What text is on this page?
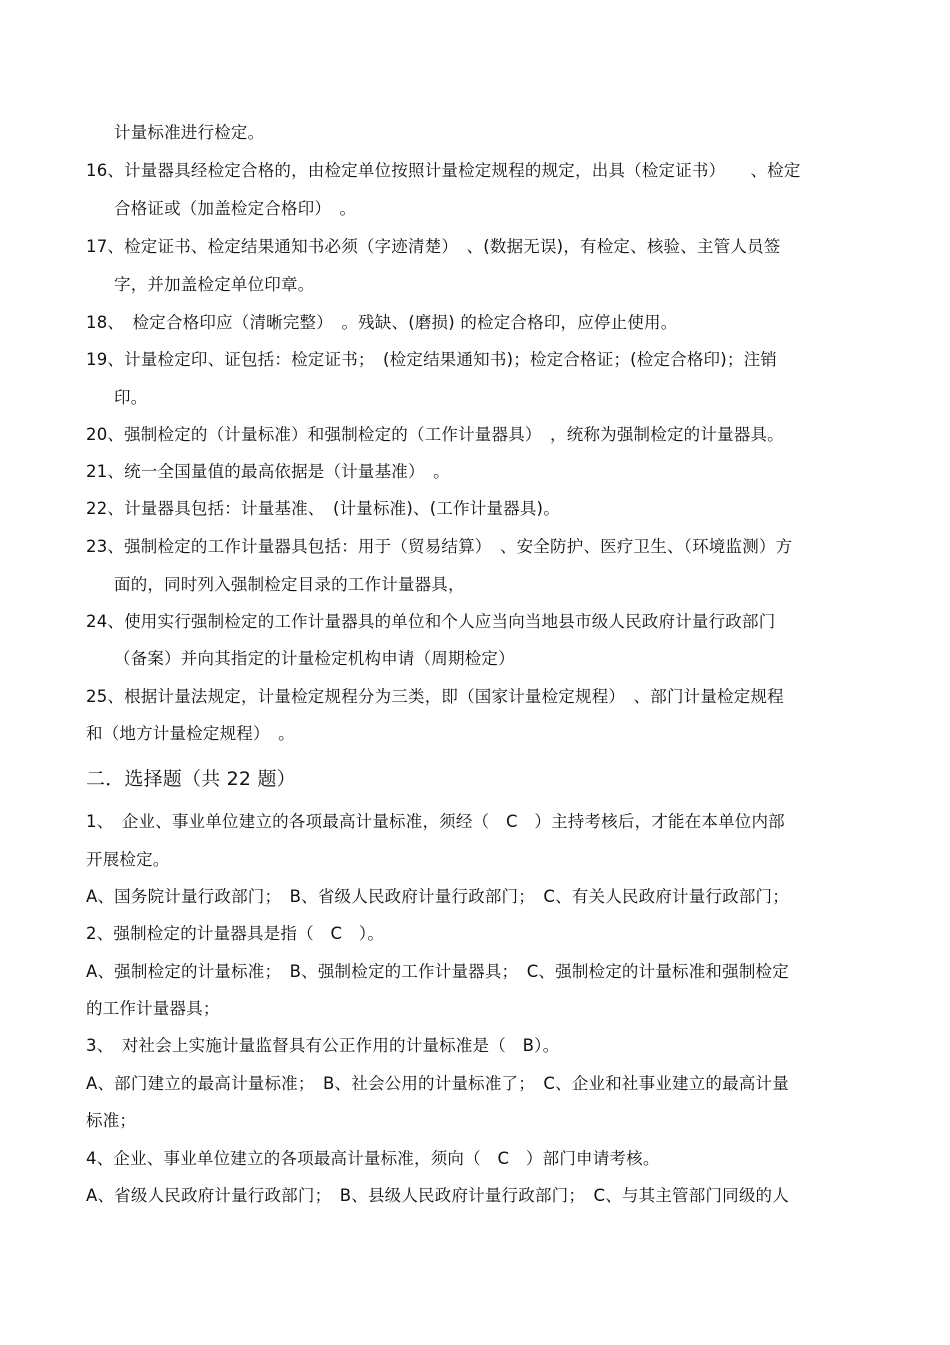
计量标准进行检定。
16、计量器具经检定合格的，由检定单位按照计量检定规程的规定，出具（检定证书）　　、检定
合格证或（加盖检定合格印）　。
17、检定证书、检定结果通知书必须（字迹清楚）　、(数据无误)，有检定、核验、主管人员签
字，并加盖检定单位印章。
18、　检定合格印应（清晰完整）　。残缺、(磨损) 的检定合格印，应停止使用。
19、计量检定印、证包括：检定证书；　(检定结果通知书)；检定合格证；(检定合格印)；注销
印。
20、强制检定的（计量标准）和强制检定的（工作计量器具）　，统称为强制检定的计量器具。
21、统一全国量值的最高依据是（计量基准）　。
22、计量器具包括：计量基准、　(计量标准)、(工作计量器具)。
23、强制检定的工作计量器具包括：用于（贸易结算）　、安全防护、医疗卫生、（环境监测）方
面的，同时列入强制检定目录的工作计量器具，
24、使用实行强制检定的工作计量器具的单位和个人应当向当地县市级人民政府计量行政部门
（备案）并向其指定的计量检定机构申请（周期检定）
25、根据计量法规定，计量检定规程分为三类，即（国家计量检定规程）　、部门计量检定规程
和（地方计量检定规程）　。
二．选择题（共 22 题）
1、　企业、事业单位建立的各项最高计量标准，须经（　C　）主持考核后，才能在本单位内部
开展检定。
A、国务院计量行政部门；　B、省级人民政府计量行政部门；　C、有关人民政府计量行政部门；
2、强制检定的计量器具是指（　C　）。
A、强制检定的计量标准；　B、强制检定的工作计量器具；　C、强制检定的计量标准和强制检定
的工作计量器具；
3、　对社会上实施计量监督具有公正作用的计量标准是（　B）。
A、部门建立的最高计量标准；　B、社会公用的计量标准了；　C、企业和社事业建立的最高计量
标准；
4、企业、事业单位建立的各项最高计量标准，须向（　C　）部门申请考核。
A、省级人民政府计量行政部门；　B、县级人民政府计量行政部门；　C、与其主管部门同级的人
